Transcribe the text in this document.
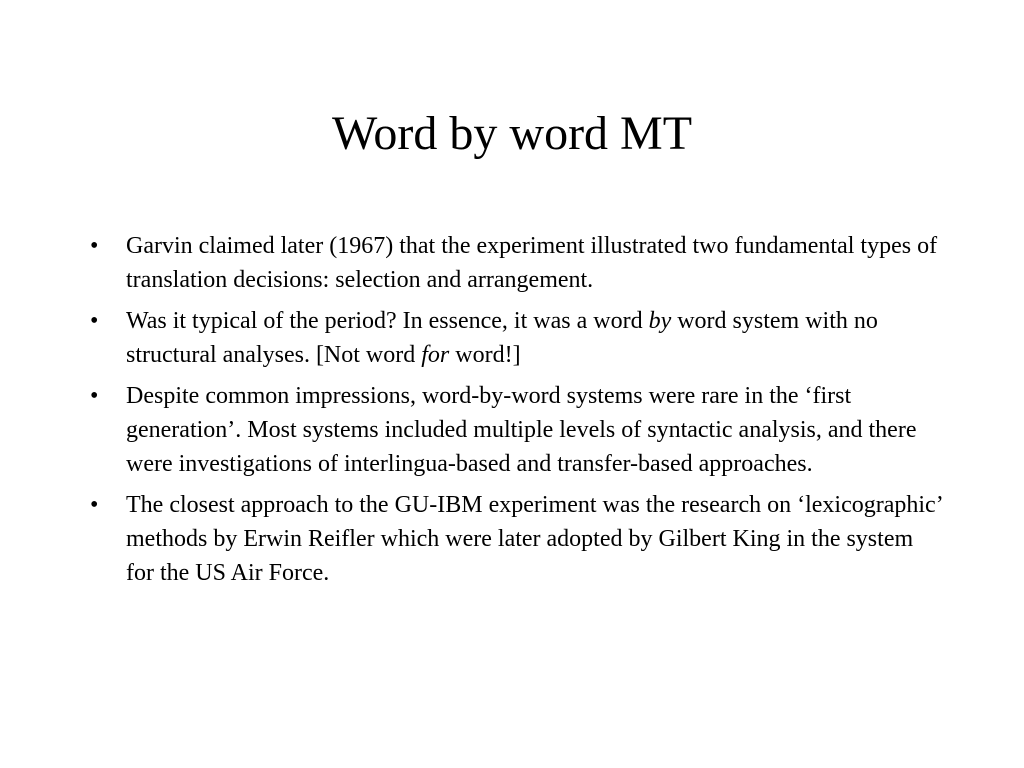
Word by word MT
• Garvin claimed later (1967) that the experiment illustrated two fundamental types of translation decisions: selection and arrangement.
• Was it typical of the period? In essence, it was a word by word system with no structural analyses. [Not word for word!]
• Despite common impressions, word-by-word systems were rare in the ‘first generation’. Most systems included multiple levels of syntactic analysis, and there were investigations of interlingua-based and transfer-based approaches.
• The closest approach to the GU-IBM experiment was the research on ‘lexicographic’ methods by Erwin Reifler which were later adopted by Gilbert King in the system for the US Air Force.
